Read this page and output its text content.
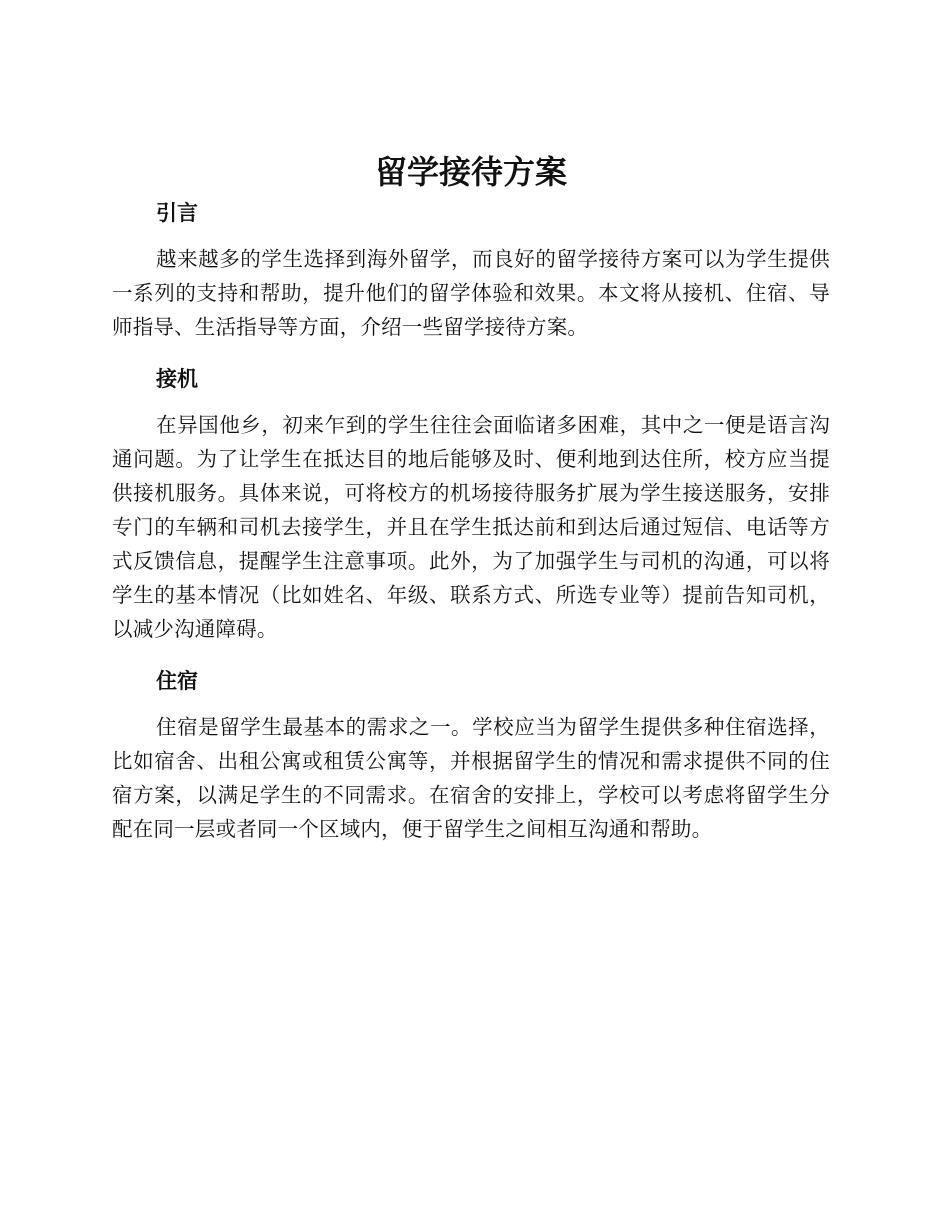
留学接待方案
引言

越来越多的学生选择到海外留学，而良好的留学接待方案可以为学生提供一系列的支持和帮助，提升他们的留学体验和效果。本文将从接机、住宿、导师指导、生活指导等方面，介绍一些留学接待方案。

接机

在异国他乡，初来乍到的学生往往会面临诸多困难，其中之一便是语言沟通问题。为了让学生在抵达目的地后能够及时、便利地到达住所，校方应当提供接机服务。具体来说，可将校方的机场接待服务扩展为学生接送服务，安排专门的车辆和司机去接学生，并且在学生抵达前和到达后通过短信、电话等方式反馈信息，提醒学生注意事项。此外，为了加强学生与司机的沟通，可以将学生的基本情况（比如姓名、年级、联系方式、所选专业等）提前告知司机，以减少沟通障碍。

住宿

住宿是留学生最基本的需求之一。学校应当为留学生提供多种住宿选择，比如宿舍、出租公寓或租赁公寓等，并根据留学生的情况和需求提供不同的住宿方案，以满足学生的不同需求。在宿舍的安排上，学校可以考虑将留学生分配在同一层或者同一个区域内，便于留学生之间相互沟通和帮助。
